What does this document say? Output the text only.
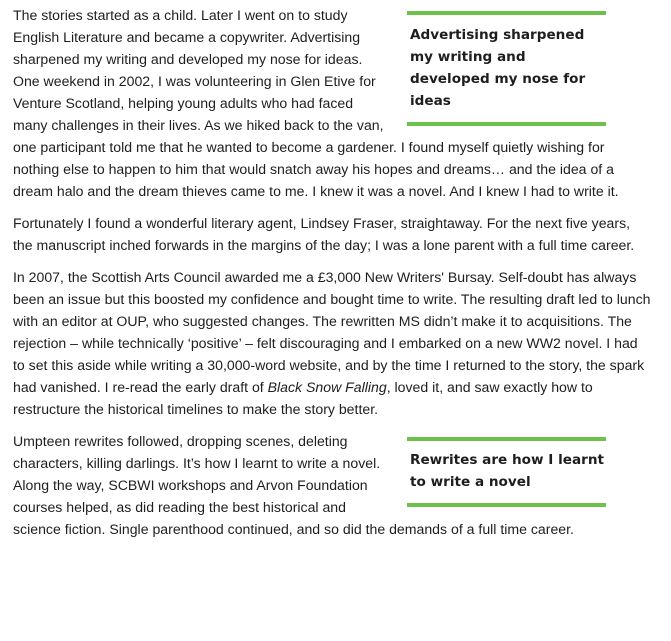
Advertising sharpened my writing and developed my nose for ideas

The stories started as a child. Later I went on to study English Literature and became a copywriter. Advertising sharpened my writing and developed my nose for ideas. One weekend in 2002, I was volunteering in Glen Etive for Venture Scotland, helping young adults who had faced many challenges in their lives. As we hiked back to the van, one participant told me that he wanted to become a gardener. I found myself quietly wishing for nothing else to happen to him that would snatch away his hopes and dreams… and the idea of a dream halo and the dream thieves came to me. I knew it was a novel. And I knew I had to write it.

Fortunately I found a wonderful literary agent, Lindsey Fraser, straightaway. For the next five years, the manuscript inched forwards in the margins of the day; I was a lone parent with a full time career.

In 2007, the Scottish Arts Council awarded me a £3,000 New Writers' Bursay. Self-doubt has always been an issue but this boosted my confidence and bought time to write. The resulting draft led to lunch with an editor at OUP, who suggested changes. The rewritten MS didn’t make it to acquisitions. The rejection – while technically ‘positive’ – felt discouraging and I embarked on a new WW2 novel. I had to set this aside while writing a 30,000-word website, and by the time I returned to the story, the spark had vanished. I re-read the early draft of Black Snow Falling, loved it, and saw exactly how to restructure the historical timelines to make the story better.

Rewrites are how I learnt to write a novel

Umpteen rewrites followed, dropping scenes, deleting characters, killing darlings. It’s how I learnt to write a novel. Along the way, SCBWI workshops and Arvon Foundation courses helped, as did reading the best historical and science fiction. Single parenthood continued, and so did the demands of a full time career.
